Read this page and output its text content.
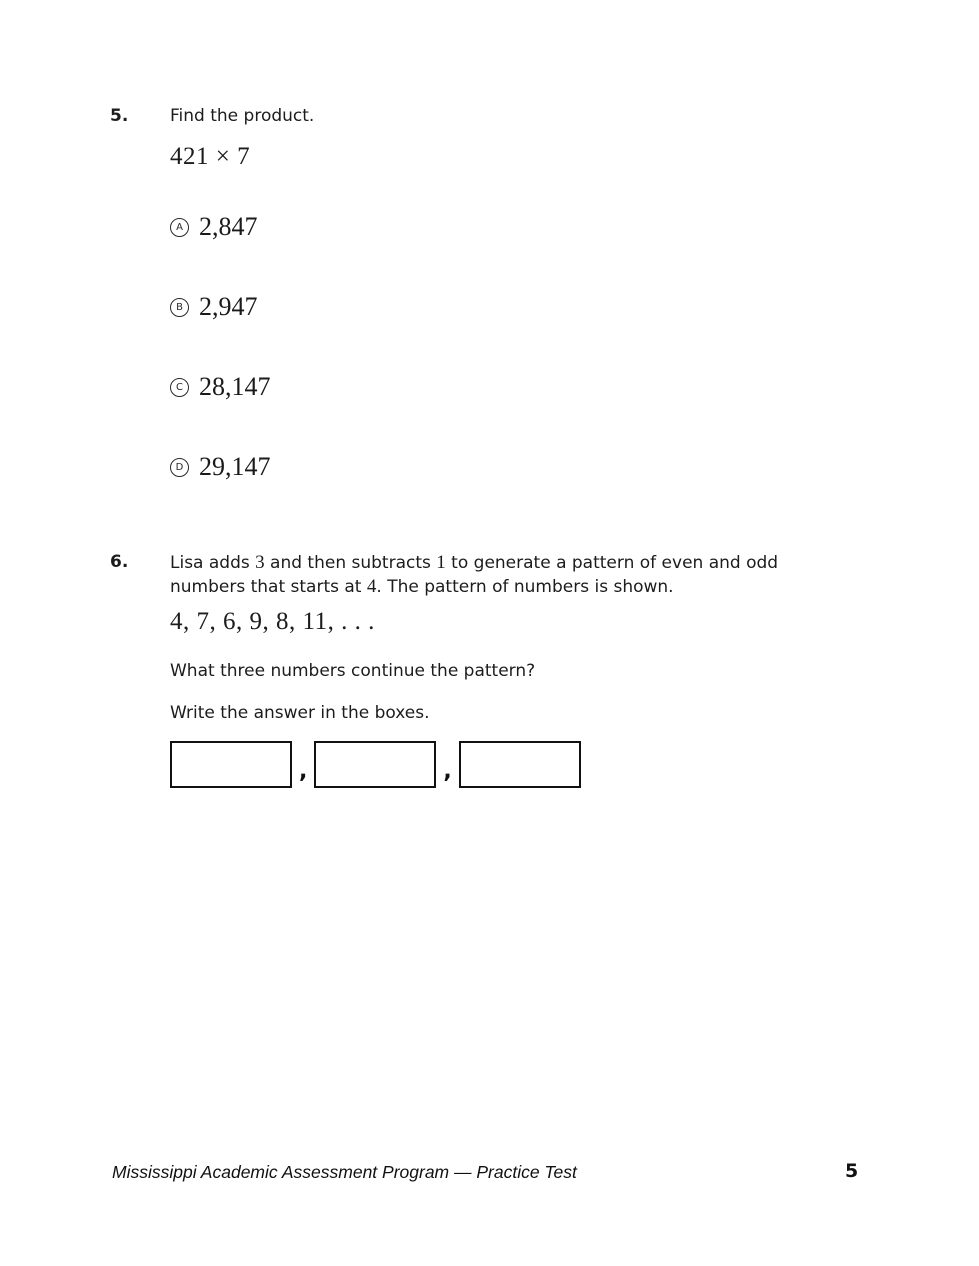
5.	Find the product.
421 × 7
A 2,847
B 2,947
C 28,147
D 29,147
6.	Lisa adds 3 and then subtracts 1 to generate a pattern of even and odd numbers that starts at 4. The pattern of numbers is shown.
4, 7, 6, 9, 8, 11, . . .
What three numbers continue the pattern?
Write the answer in the boxes.
,	,
Mississippi Academic Assessment Program — Practice Test	5
